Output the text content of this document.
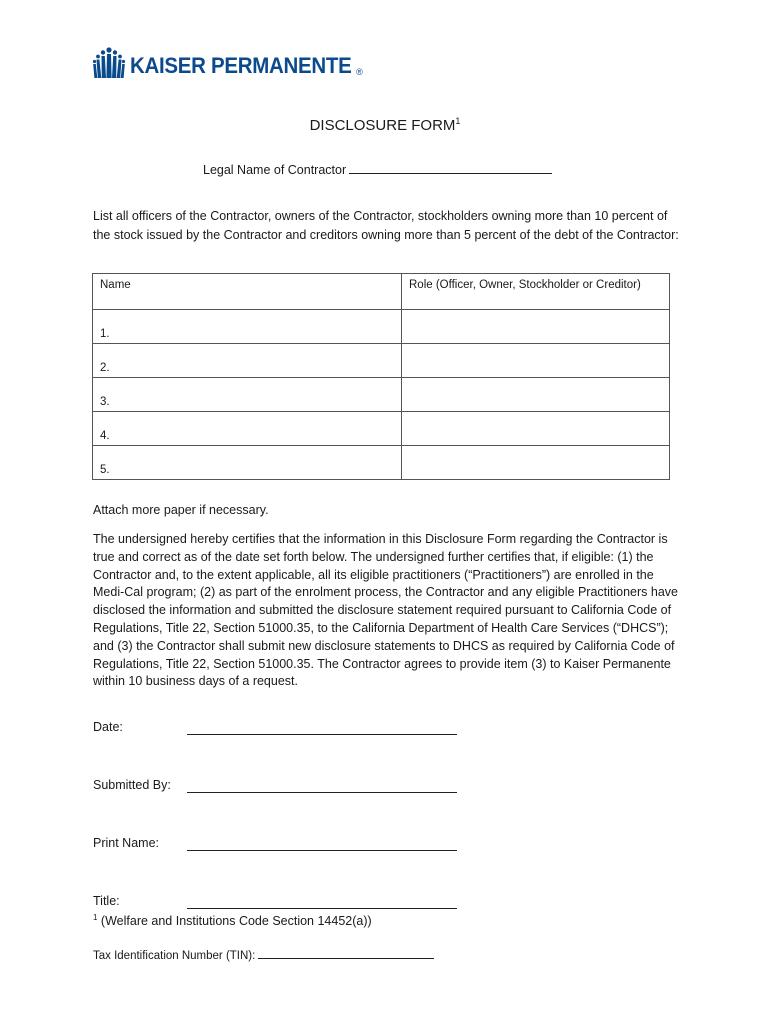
KAISER PERMANENTE ®
DISCLOSURE FORM$^1$
Legal Name of Contractor
List all officers of the Contractor, owners of the Contractor, stockholders owning more than 10 percent of the stock issued by the Contractor and creditors owning more than 5 percent of the debt of the Contractor:
Name	Role (Officer, Owner, Stockholder or Creditor)
1.	
2.	
3.	
4.	
5.	
Attach more paper if necessary.
The undersigned hereby certifies that the information in this Disclosure Form regarding the Contractor is true and correct as of the date set forth below. The undersigned further certifies that, if eligible: (1) the Contractor and, to the extent applicable, all its eligible practitioners (“Practitioners”) are enrolled in the Medi-Cal program; (2) as part of the enrolment process, the Contractor and any eligible Practitioners have disclosed the information and submitted the disclosure statement required pursuant to California Code of Regulations, Title 22, Section 51000.35, to the California Department of Health Care Services (“DHCS”); and (3) the Contractor shall submit new disclosure statements to DHCS as required by California Code of Regulations, Title 22, Section 51000.35. The Contractor agrees to provide item (3) to Kaiser Permanente within 10 business days of a request.
Date:
Submitted By:
Print Name:
Title:
$^1$ (Welfare and Institutions Code Section 14452(a))
Tax Identification Number (TIN):
